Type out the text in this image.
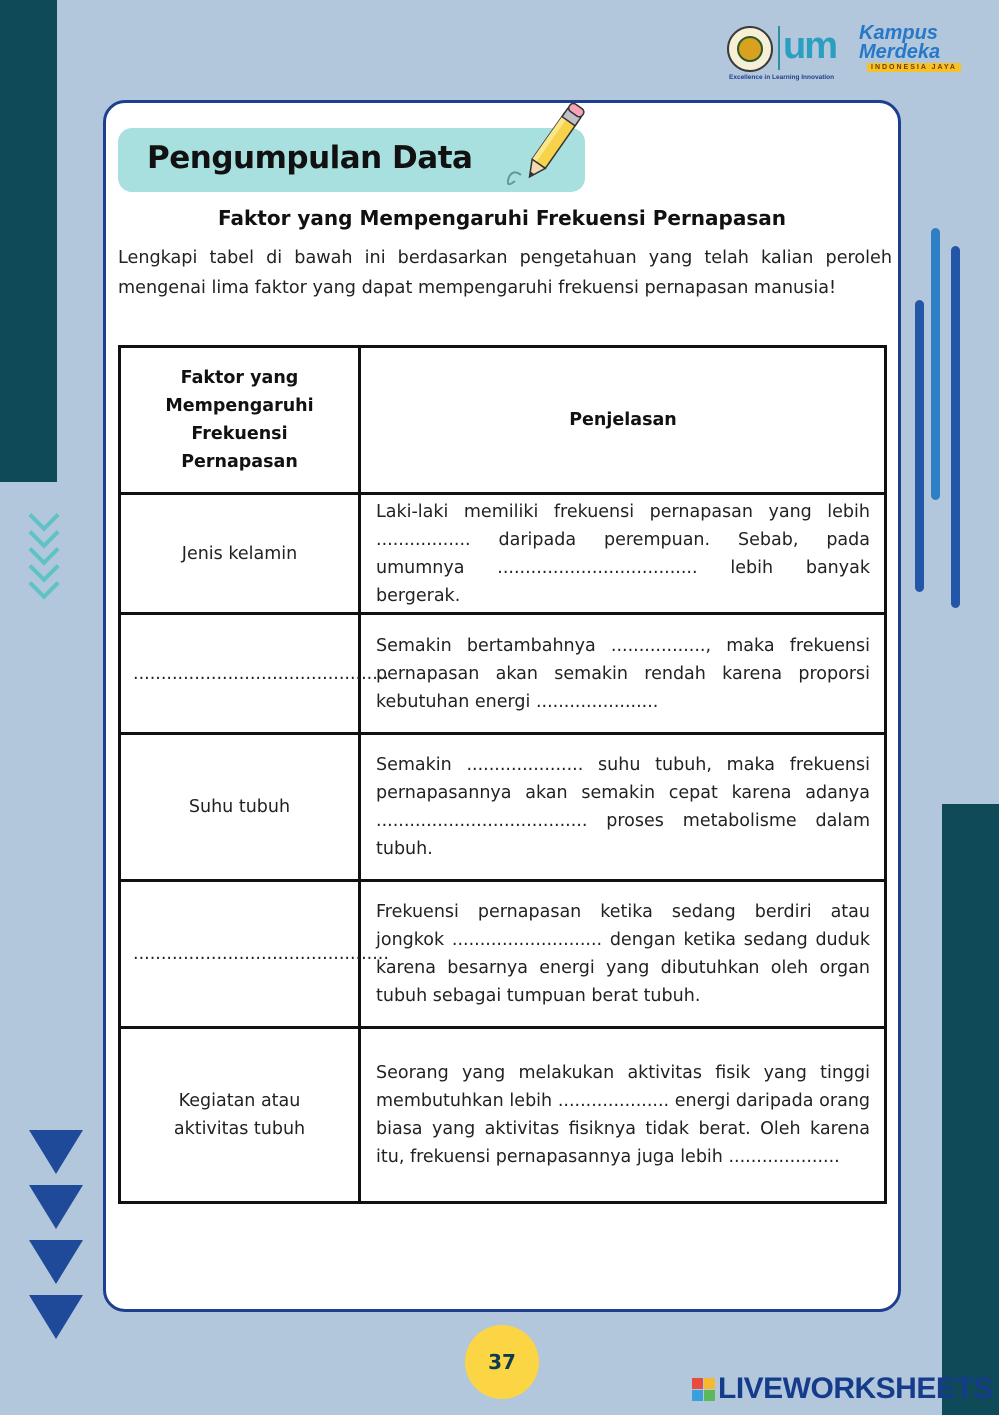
um Kampus
Merdeka
INDONESIA JAYA
Excellence in Learning Innovation
Pengumpulan Data
Faktor yang Mempengaruhi Frekuensi Pernapasan
Lengkapi tabel di bawah ini berdasarkan pengetahuan yang telah kalian peroleh mengenai lima faktor yang dapat mempengaruhi frekuensi pernapasan manusia!
Faktor yang Mempengaruhi Frekuensi Pernapasan	Penjelasan
Jenis kelamin	Laki-laki memiliki frekuensi pernapasan yang lebih ................. daripada perempuan. Sebab, pada umumnya .................................... lebih banyak bergerak.
..............................................	Semakin bertambahnya ................., maka frekuensi pernapasan akan semakin rendah karena proporsi kebutuhan energi ......................
Suhu tubuh	Semakin ..................... suhu tubuh, maka frekuensi pernapasannya akan semakin cepat karena adanya ...................................... proses metabolisme dalam tubuh.
..............................................	Frekuensi pernapasan ketika sedang berdiri atau jongkok ........................... dengan ketika sedang duduk karena besarnya energi yang dibutuhkan oleh organ tubuh sebagai tumpuan berat tubuh.
Kegiatan atau aktivitas tubuh	Seorang yang melakukan aktivitas fisik yang tinggi membutuhkan lebih .................... energi daripada orang biasa yang aktivitas fisiknya tidak berat. Oleh karena itu, frekuensi pernapasannya juga lebih ....................
37
LIVEWORKSHEETS
